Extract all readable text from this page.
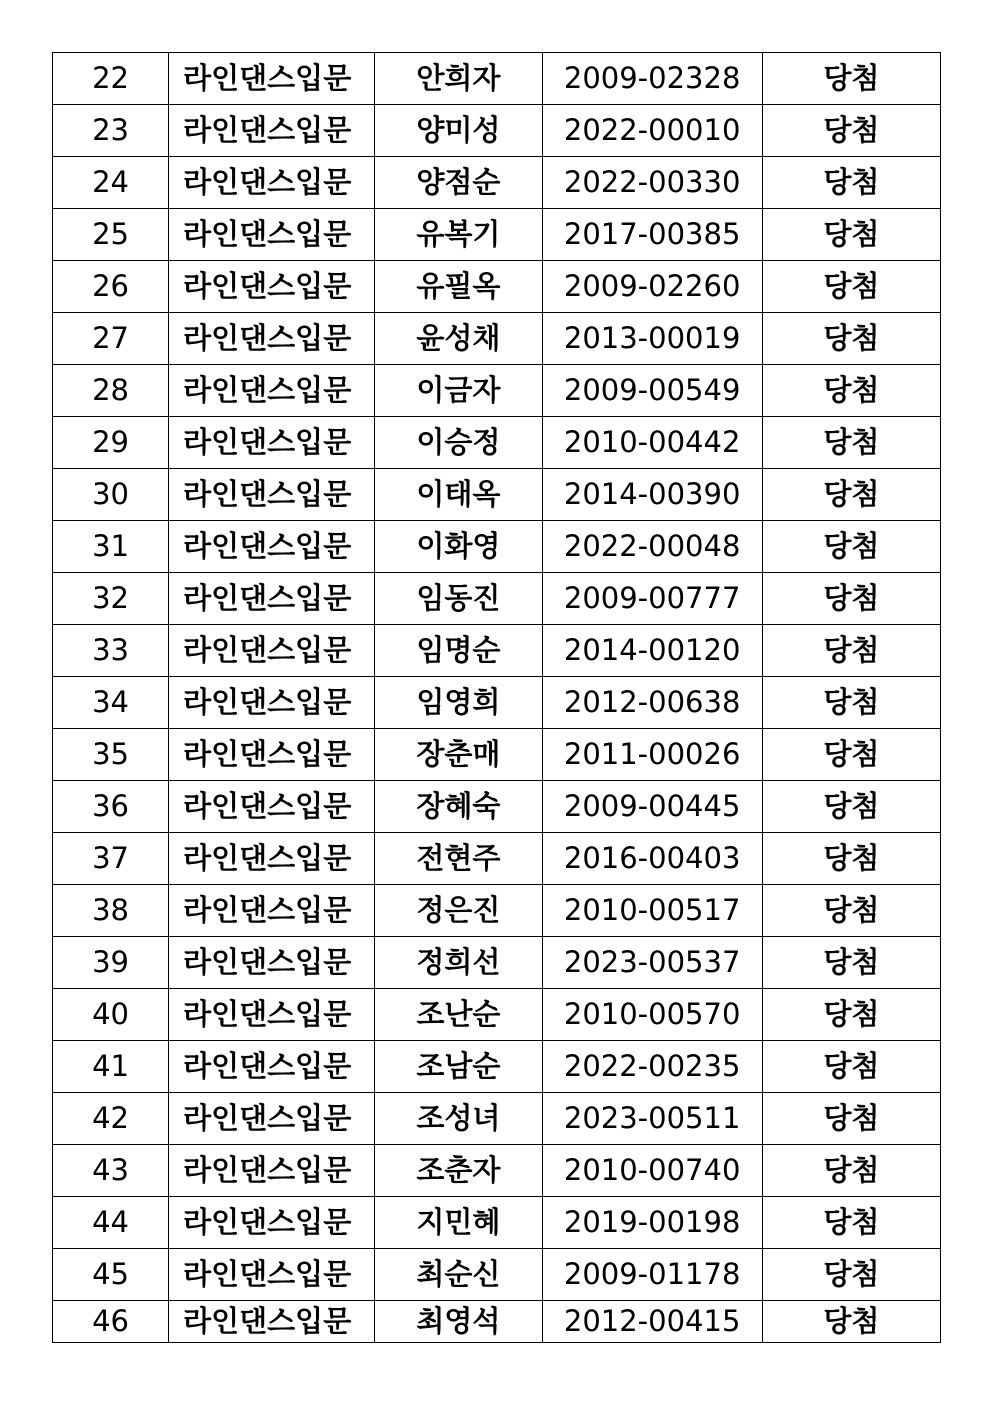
22	라인댄스입문	안희자	2009-02328	당첨
23	라인댄스입문	양미성	2022-00010	당첨
24	라인댄스입문	양점순	2022-00330	당첨
25	라인댄스입문	유복기	2017-00385	당첨
26	라인댄스입문	유필옥	2009-02260	당첨
27	라인댄스입문	윤성채	2013-00019	당첨
28	라인댄스입문	이금자	2009-00549	당첨
29	라인댄스입문	이승정	2010-00442	당첨
30	라인댄스입문	이태옥	2014-00390	당첨
31	라인댄스입문	이화영	2022-00048	당첨
32	라인댄스입문	임동진	2009-00777	당첨
33	라인댄스입문	임명순	2014-00120	당첨
34	라인댄스입문	임영희	2012-00638	당첨
35	라인댄스입문	장춘매	2011-00026	당첨
36	라인댄스입문	장혜숙	2009-00445	당첨
37	라인댄스입문	전현주	2016-00403	당첨
38	라인댄스입문	정은진	2010-00517	당첨
39	라인댄스입문	정희선	2023-00537	당첨
40	라인댄스입문	조난순	2010-00570	당첨
41	라인댄스입문	조남순	2022-00235	당첨
42	라인댄스입문	조성녀	2023-00511	당첨
43	라인댄스입문	조춘자	2010-00740	당첨
44	라인댄스입문	지민혜	2019-00198	당첨
45	라인댄스입문	최순신	2009-01178	당첨
46	라인댄스입문	최영석	2012-00415	당첨
